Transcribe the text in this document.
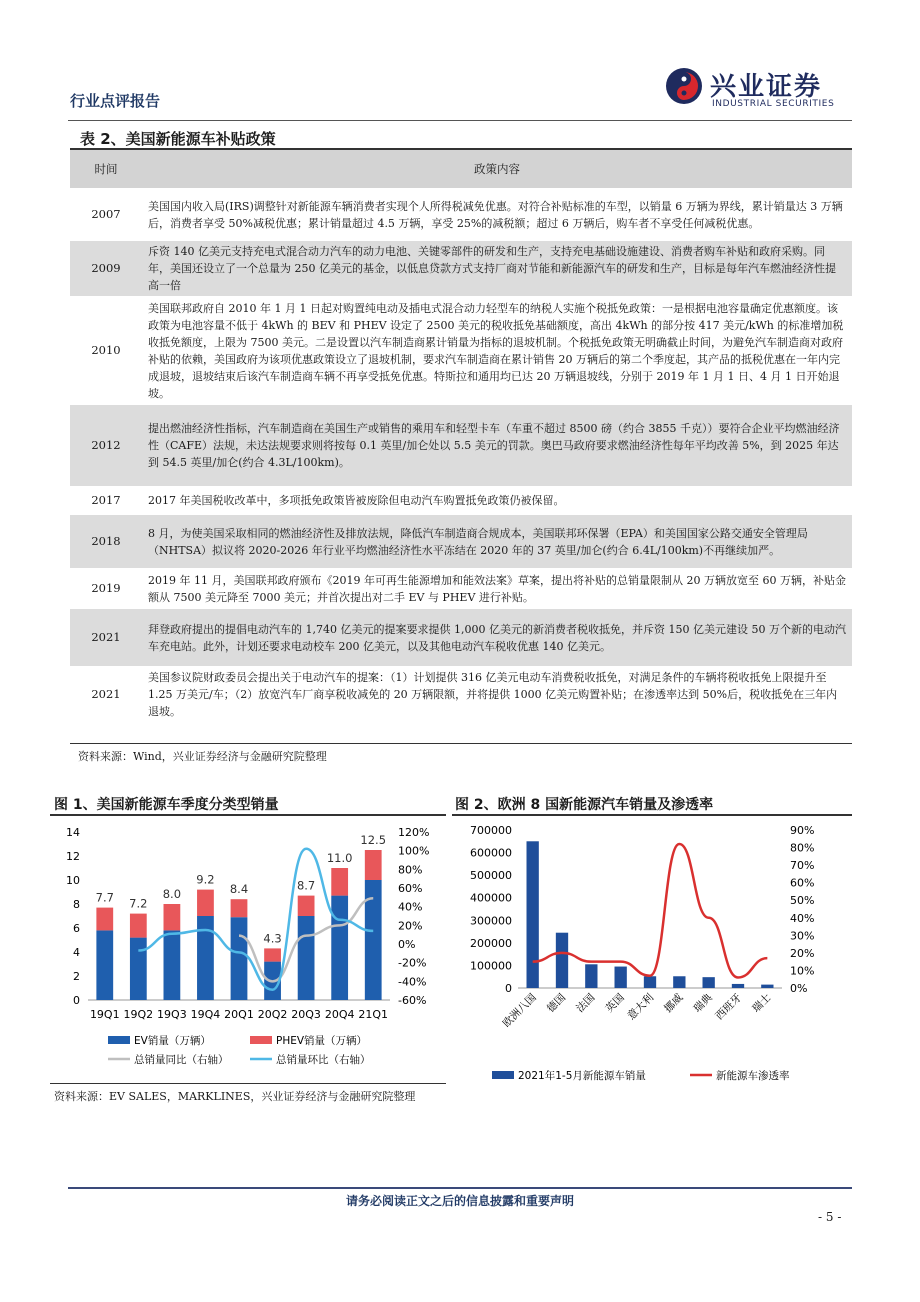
行业点评报告	兴业证券
INDUSTRIAL SECURITIES
表 2、美国新能源车补贴政策
时间	政策内容
2007	美国国内收入局(IRS)调整针对新能源车辆消费者实现个人所得税减免优惠。对符合补贴标准的车型，以销量 6 万辆为界线，累计销量达 3 万辆后，消费者享受 50%减税优惠；累计销量超过 4.5 万辆，享受 25%的减税额；超过 6 万辆后，购车者不享受任何减税优惠。
2009	斥资 140 亿美元支持充电式混合动力汽车的动力电池、关键零部件的研发和生产，支持充电基础设施建设、消费者购车补贴和政府采购。同年，美国还设立了一个总量为 250 亿美元的基金，以低息贷款方式支持厂商对节能和新能源汽车的研发和生产，目标是每年汽车燃油经济性提高一倍
2010	美国联邦政府自 2010 年 1 月 1 日起对购置纯电动及插电式混合动力轻型车的纳税人实施个税抵免政策：一是根据电池容量确定优惠额度。该政策为电池容量不低于 4kWh 的 BEV 和 PHEV 设定了 2500 美元的税收抵免基础额度，高出 4kWh 的部分按 417 美元/kWh 的标准增加税收抵免额度，上限为 7500 美元。二是设置以汽车制造商累计销量为指标的退坡机制。个税抵免政策无明确截止时间，为避免汽车制造商对政府补贴的依赖，美国政府为该项优惠政策设立了退坡机制，要求汽车制造商在累计销售 20 万辆后的第二个季度起，其产品的抵税优惠在一年内完成退坡，退坡结束后该汽车制造商车辆不再享受抵免优惠。特斯拉和通用均已达 20 万辆退坡线，分别于 2019 年 1 月 1 日、4 月 1 日开始退坡。
2012	提出燃油经济性指标，汽车制造商在美国生产或销售的乘用车和轻型卡车（车重不超过 8500 磅（约合 3855 千克））要符合企业平均燃油经济性（CAFE）法规，未达法规要求则将按每 0.1 英里/加仑处以 5.5 美元的罚款。奥巴马政府要求燃油经济性每年平均改善 5%，到 2025 年达到 54.5 英里/加仑(约合 4.3L/100km)。
2017	2017 年美国税收改革中，多项抵免政策皆被废除但电动汽车购置抵免政策仍被保留。
2018	8 月，为使美国采取相同的燃油经济性及排放法规，降低汽车制造商合规成本，美国联邦环保署（EPA）和美国国家公路交通安全管理局（NHTSA）拟议将 2020-2026 年行业平均燃油经济性水平冻结在 2020 年的 37 英里/加仑(约合 6.4L/100km)不再继续加严。
2019	2019 年 11 月，美国联邦政府颁布《2019 年可再生能源增加和能效法案》草案，提出将补贴的总销量限制从 20 万辆放宽至 60 万辆，补贴金额从 7500 美元降至 7000 美元；并首次提出对二手 EV 与 PHEV 进行补贴。
2021	拜登政府提出的提倡电动汽车的 1,740 亿美元的提案要求提供 1,000 亿美元的新消费者税收抵免，并斥资 150 亿美元建设 50 万个新的电动汽车充电站。此外，计划还要求电动校车 200 亿美元，以及其他电动汽车税收优惠 140 亿美元。
2021	美国参议院财政委员会提出关于电动汽车的提案：（1）计划提供 316 亿美元电动车消费税收抵免，对满足条件的车辆将税收抵免上限提升至 1.25 万美元/车；（2）放宽汽车厂商享税收减免的 20 万辆限额，并将提供 1000 亿美元购置补贴；在渗透率达到 50%后，税收抵免在三年内退坡。
资料来源：Wind，兴业证券经济与金融研究院整理
图 1、美国新能源车季度分类型销量
0
2
4
6
8
10
12
14
-60%
-40%
-20%
0%
20%
40%
60%
80%
100%
120%
7.7 7.2
8.0
9.2
8.4
4.3
8.7
11.0
12.5
19Q1 19Q2 19Q3 19Q4 20Q1 20Q2 20Q3 20Q4 21Q1
EV销量（万辆）	PHEV销量（万辆）
总销量同比（右轴）	总销量环比（右轴）
图 2、欧洲 8 国新能源汽车销量及渗透率
0
100000
200000
300000
400000
500000
600000
700000
0%
10%
20%
30%
40%
50%
60%
70%
80%
90%
欧洲八国 德国 法国 英国
意大利 挪威 瑞典
西班牙 瑞士
2021年1-5月新能源车销量	新能源车渗透率
资料来源：EV SALES，MARKLINES，兴业证券经济与金融研究院整理
请务必阅读正文之后的信息披露和重要声明
- 5 -
